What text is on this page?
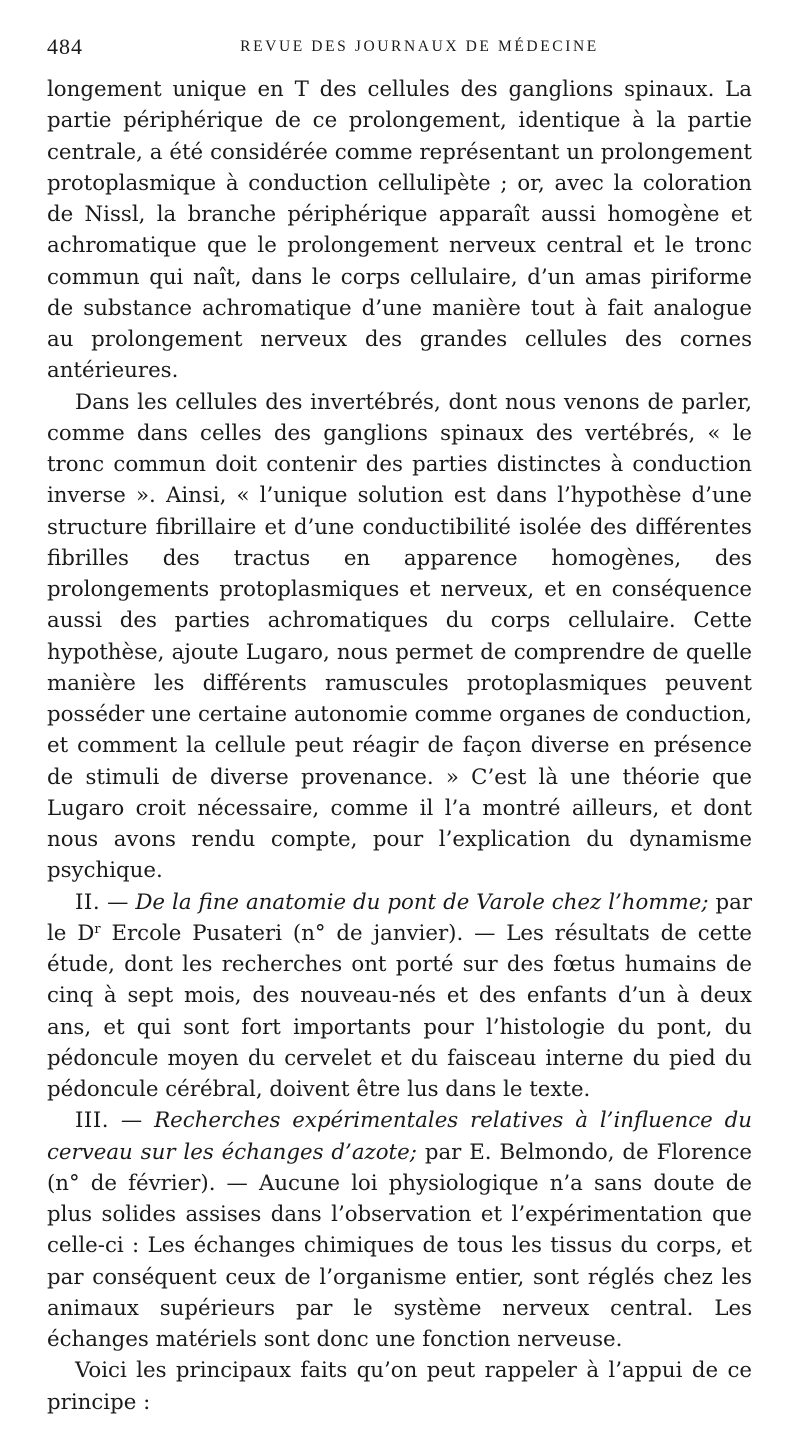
484	REVUE DES JOURNAUX DE MÉDECINE

longement unique en T des cellules des ganglions spinaux. La partie périphérique de ce prolongement, identique à la partie centrale, a été considérée comme représentant un prolongement protoplasmique à conduction cellulipète ; or, avec la coloration de Nissl, la branche périphérique apparaît aussi homogène et achromatique que le prolongement nerveux central et le tronc commun qui naît, dans le corps cellulaire, d’un amas piriforme de substance achromatique d’une manière tout à fait analogue au prolongement nerveux des grandes cellules des cornes antérieures.

Dans les cellules des invertébrés, dont nous venons de parler, comme dans celles des ganglions spinaux des vertébrés, « le tronc commun doit contenir des parties distinctes à conduction inverse ». Ainsi, « l’unique solution est dans l’hypothèse d’une structure fibrillaire et d’une conductibilité isolée des différentes fibrilles des tractus en apparence homogènes, des prolongements protoplasmiques et nerveux, et en conséquence aussi des parties achromatiques du corps cellulaire. Cette hypothèse, ajoute Lugaro, nous permet de comprendre de quelle manière les différents ramuscules protoplasmiques peuvent posséder une certaine autonomie comme organes de conduction, et comment la cellule peut réagir de façon diverse en présence de stimuli de diverse provenance. » C’est là une théorie que Lugaro croit nécessaire, comme il l’a montré ailleurs, et dont nous avons rendu compte, pour l’explication du dynamisme psychique.

II. — De la fine anatomie du pont de Varole chez l’homme; par le $D^r$ Ercole Pusateri (n° de janvier). — Les résultats de cette étude, dont les recherches ont porté sur des fœtus humains de cinq à sept mois, des nouveau-nés et des enfants d’un à deux ans, et qui sont fort importants pour l’histologie du pont, du pédoncule moyen du cervelet et du faisceau interne du pied du pédoncule cérébral, doivent être lus dans le texte.

III. — Recherches expérimentales relatives à l’influence du cerveau sur les échanges d’azote; par E. Belmondo, de Florence (n° de février). — Aucune loi physiologique n’a sans doute de plus solides assises dans l’observation et l’expérimentation que celle-ci : Les échanges chimiques de tous les tissus du corps, et par conséquent ceux de l’organisme entier, sont réglés chez les animaux supérieurs par le système nerveux central. Les échanges matériels sont donc une fonction nerveuse.

Voici les principaux faits qu’on peut rappeler à l’appui de ce principe :
